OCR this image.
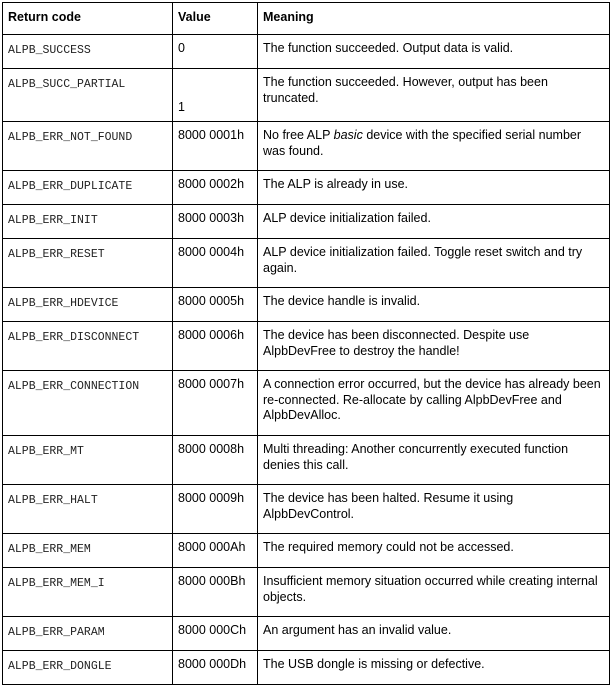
Return code	Value	Meaning
ALPB_SUCCESS	0	The function succeeded. Output data is valid.
ALPB_SUCC_PARTIAL	1	The function succeeded. However, output has been truncated.
ALPB_ERR_NOT_FOUND	8000 0001h	No free ALP basic device with the specified serial number was found.
ALPB_ERR_DUPLICATE	8000 0002h	The ALP is already in use.
ALPB_ERR_INIT	8000 0003h	ALP device initialization failed.
ALPB_ERR_RESET	8000 0004h	ALP device initialization failed. Toggle reset switch and try again.
ALPB_ERR_HDEVICE	8000 0005h	The device handle is invalid.
ALPB_ERR_DISCONNECT	8000 0006h	The device has been disconnected. Despite use AlpbDevFree to destroy the handle!
ALPB_ERR_CONNECTION	8000 0007h	A connection error occurred, but the device has already been re-connected. Re-allocate by calling AlpbDevFree and AlpbDevAlloc.
ALPB_ERR_MT	8000 0008h	Multi threading: Another concurrently executed function denies this call.
ALPB_ERR_HALT	8000 0009h	The device has been halted. Resume it using AlpbDevControl.
ALPB_ERR_MEM	8000 000Ah	The required memory could not be accessed.
ALPB_ERR_MEM_I	8000 000Bh	Insufficient memory situation occurred while creating internal objects.
ALPB_ERR_PARAM	8000 000Ch	An argument has an invalid value.
ALPB_ERR_DONGLE	8000 000Dh	The USB dongle is missing or defective.
